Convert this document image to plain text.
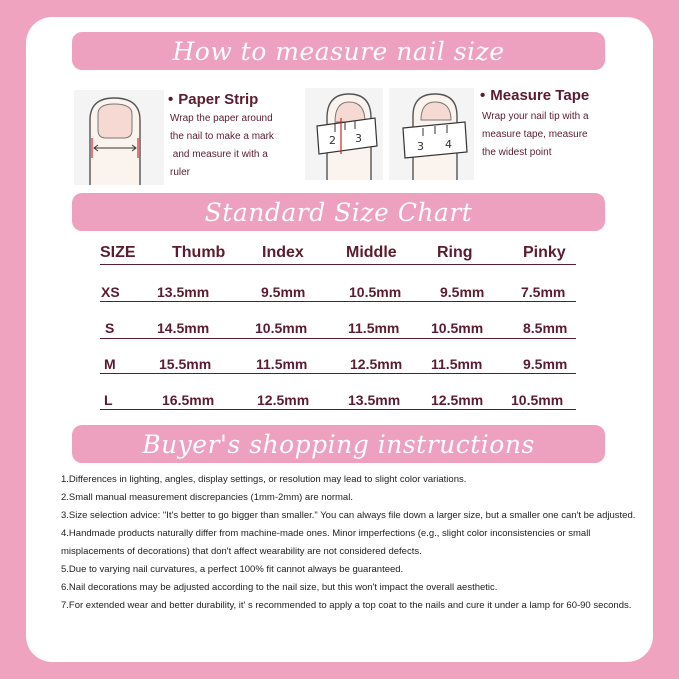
How to measure nail size
• Paper Strip
Wrap the paper around
the nail to make a mark
and measure it with a
ruler
2 3
3 4
• Measure Tape
Wrap your nail tip with a
measure tape, measure
the widest point
Standard Size Chart
SIZE Thumb Index	Middle	Ring	Pinky
XS	13.5mm	9.5mm	10.5mm	9.5mm	7.5mm
S	14.5mm	10.5mm	11.5mm 10.5mm	8.5mm
M	15.5mm	11.5mm	12.5mm 11.5mm	9.5mm
L	16.5mm	12.5mm	13.5mm 12.5mm 10.5mm
Buyer's shopping instructions
1.Differences in lighting, angles, display settings, or resolution may lead to slight color variations.
2.Small manual measurement discrepancies (1mm-2mm) are normal.
3.Size selection advice: "It's better to go bigger than smaller." You can always file down a larger size, but a smaller one can't be adjusted.
4.Handmade products naturally differ from machine-made ones. Minor imperfections (e.g., slight color inconsistencies or small misplacements of decorations) that don't affect wearability are not considered defects.
5.Due to varying nail curvatures, a perfect 100% fit cannot always be guaranteed.
6.Nail decorations may be adjusted according to the nail size, but this won't impact the overall aesthetic.
7.For extended wear and better durability, it' s recommended to apply a top coat to the nails and cure it under a lamp for 60-90 seconds.
